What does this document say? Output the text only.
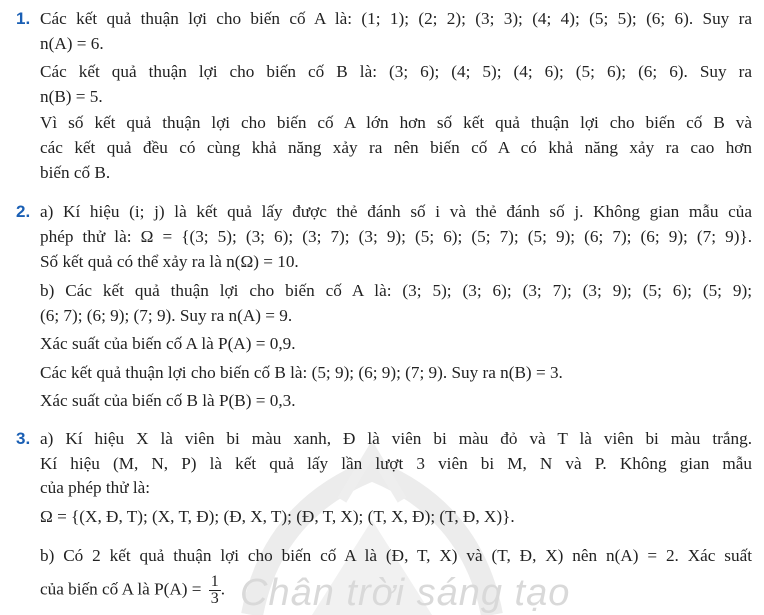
Chân trời sáng tạo
1. Các kết quả thuận lợi cho biến cố A là: (1; 1); (2; 2); (3; 3); (4; 4); (5; 5); (6; 6). Suy ra
n(A) = 6.
Các kết quả thuận lợi cho biến cố B là: (3; 6); (4; 5); (4; 6); (5; 6); (6; 6). Suy ra
n(B) = 5.
Vì số kết quả thuận lợi cho biến cố A lớn hơn số kết quả thuận lợi cho biến cố B và
các kết quả đều có cùng khả năng xảy ra nên biến cố A có khả năng xảy ra cao hơn
biến cố B.
2. a) Kí hiệu (i; j) là kết quả lấy được thẻ đánh số i và thẻ đánh số j. Không gian mẫu của
phép thử là: Ω = {(3; 5); (3; 6); (3; 7); (3; 9); (5; 6); (5; 7); (5; 9); (6; 7); (6; 9); (7; 9)}.
Số kết quả có thể xảy ra là n(Ω) = 10.
b) Các kết quả thuận lợi cho biến cố A là: (3; 5); (3; 6); (3; 7); (3; 9); (5; 6); (5; 9);
(6; 7); (6; 9); (7; 9). Suy ra n(A) = 9.
Xác suất của biến cố A là P(A) = 0,9.
Các kết quả thuận lợi cho biến cố B là: (5; 9); (6; 9); (7; 9). Suy ra n(B) = 3.
Xác suất của biến cố B là P(B) = 0,3.
3. a) Kí hiệu X là viên bi màu xanh, Đ là viên bi màu đỏ và T là viên bi màu trắng.
Kí hiệu (M, N, P) là kết quả lấy lần lượt 3 viên bi M, N và P. Không gian mẫu
của phép thử là:
Ω = {(X, Đ, T); (X, T, Đ); (Đ, X, T); (Đ, T, X); (T, X, Đ); (T, Đ, X)}.
b) Có 2 kết quả thuận lợi cho biến cố A là (Đ, T, X) và (T, Đ, X) nên n(A) = 2. Xác suất
của biến cố A là $P(A) = \frac{1}{3}$ .
